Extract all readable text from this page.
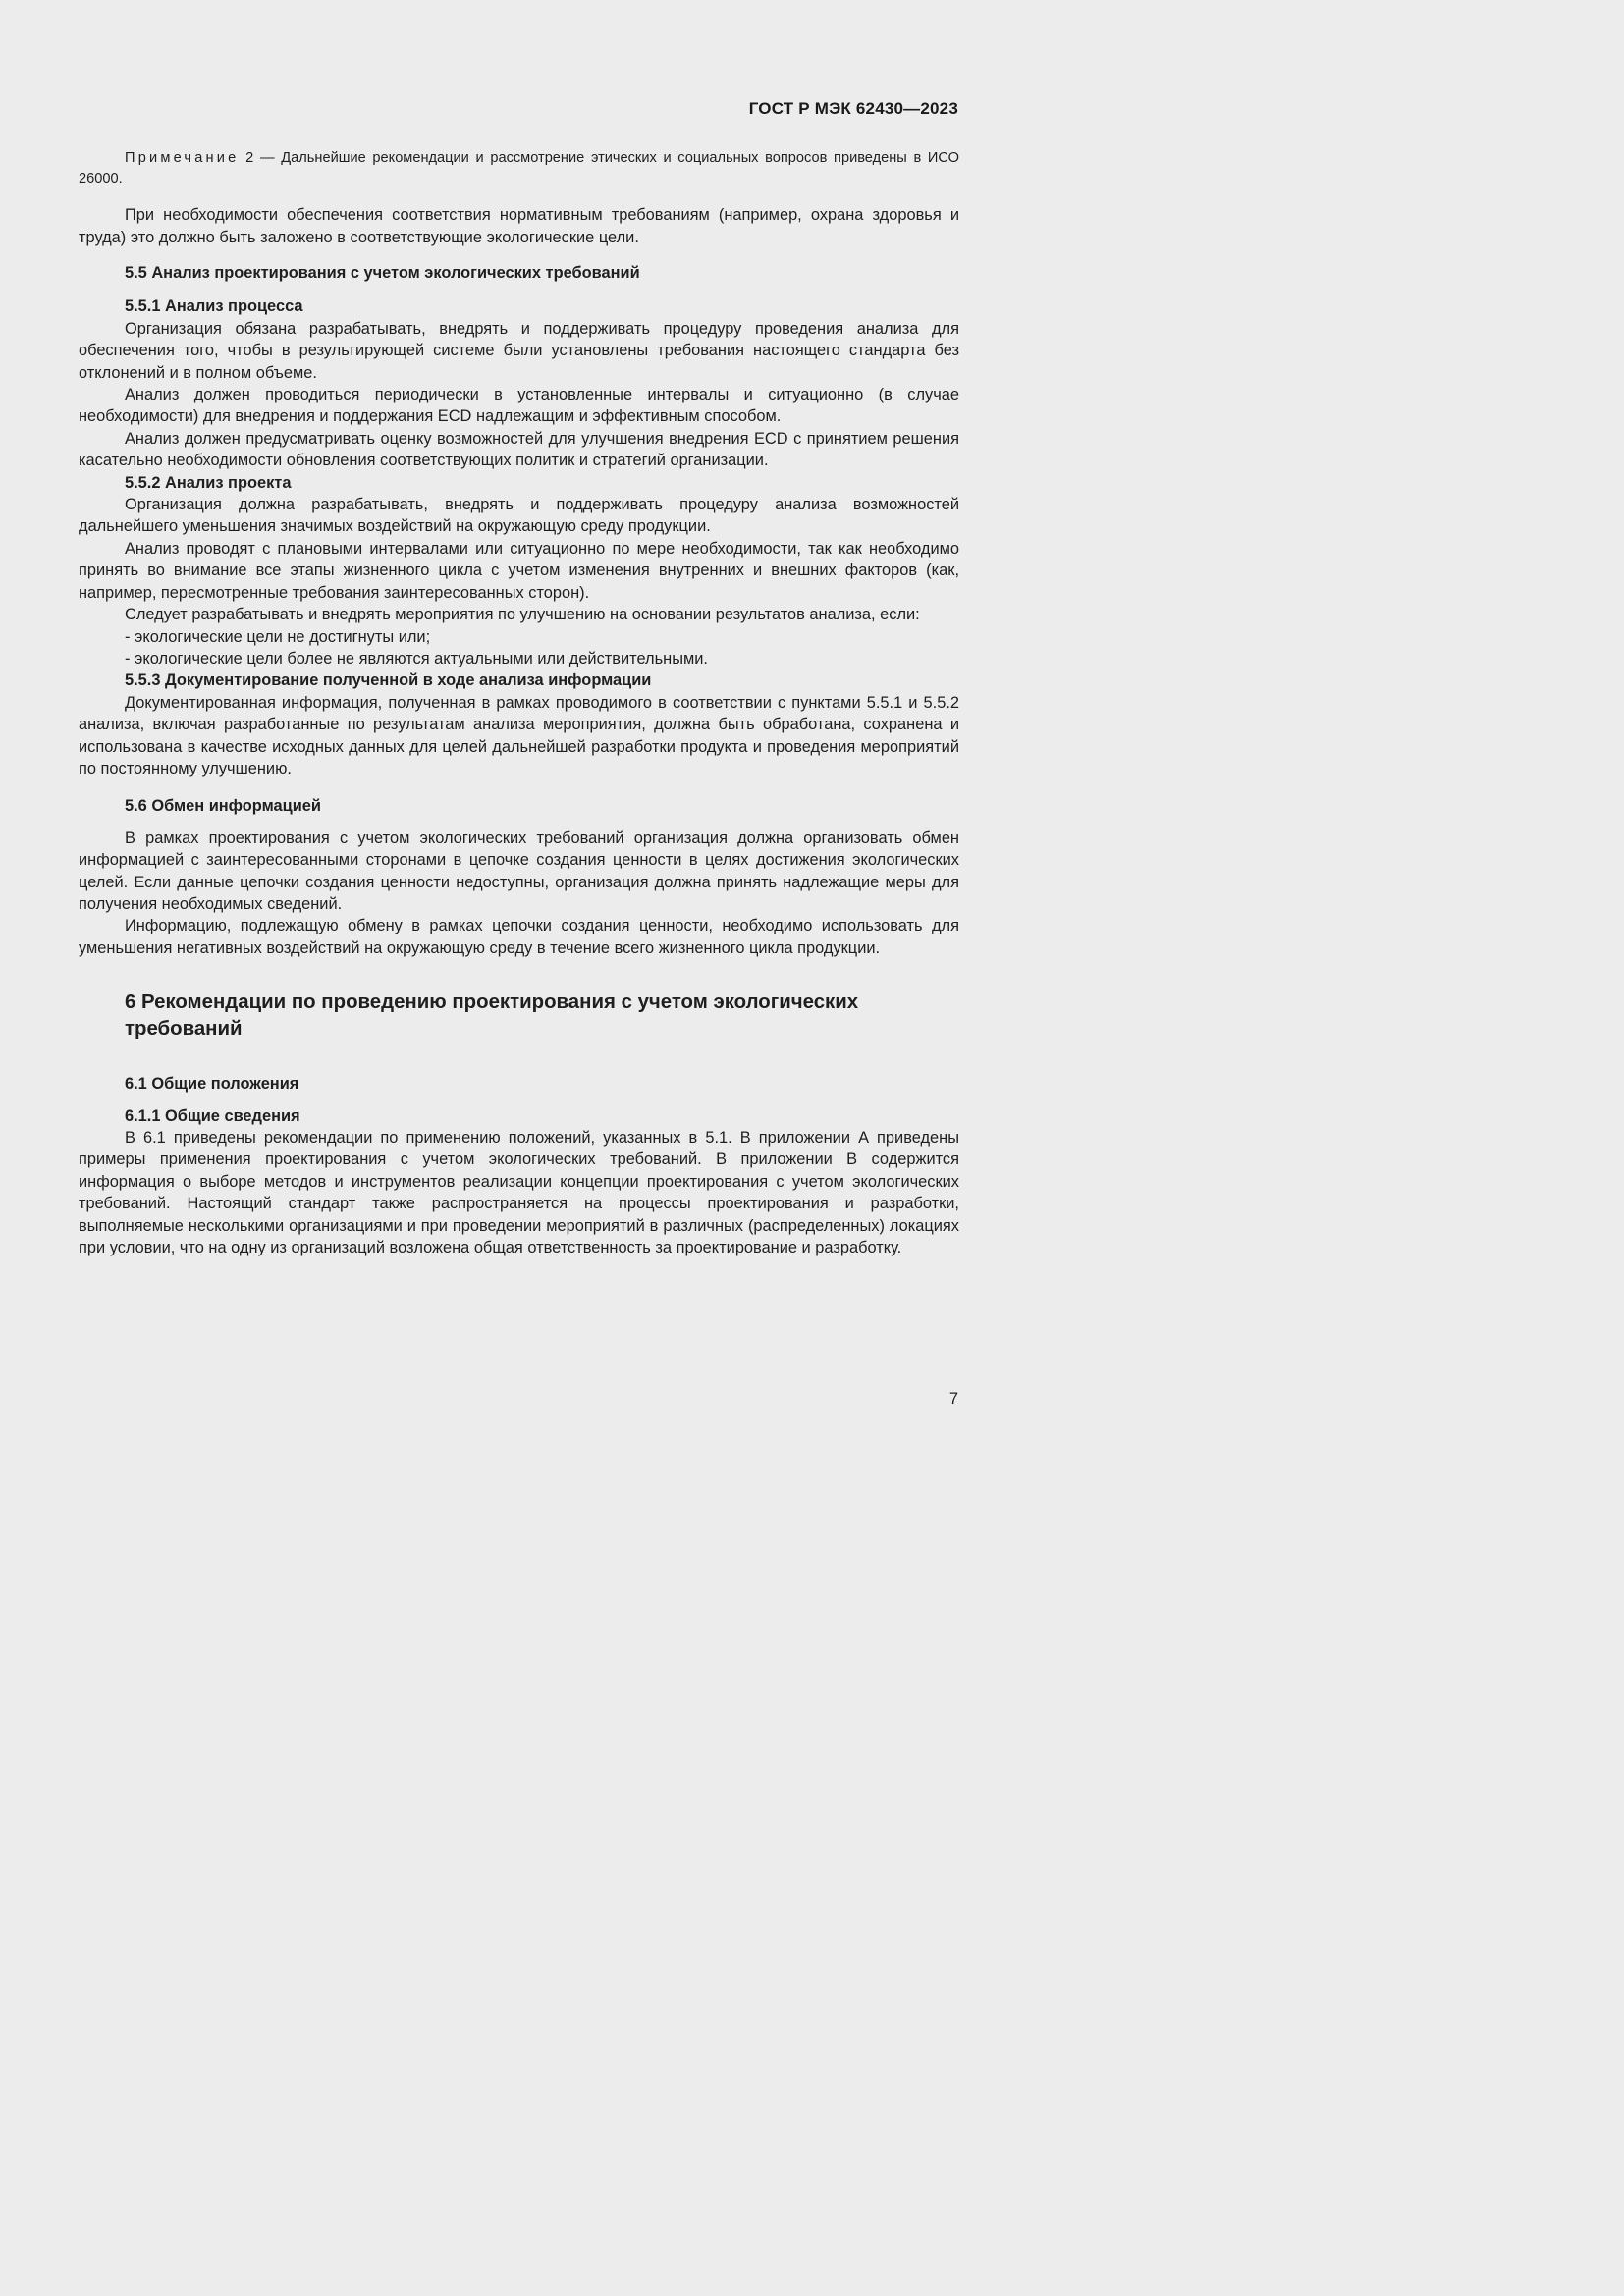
ГОСТ Р МЭК 62430—2023

Примечание 2 — Дальнейшие рекомендации и рассмотрение этических и социальных вопросов приведены в ИСО 26000.

При необходимости обеспечения соответствия нормативным требованиям (например, охрана здоровья и труда) это должно быть заложено в соответствующие экологические цели.

5.5 Анализ проектирования с учетом экологических требований
5.5.1 Анализ процесса

Организация обязана разрабатывать, внедрять и поддерживать процедуру проведения анализа для обеспечения того, чтобы в результирующей системе были установлены требования настоящего стандарта без отклонений и в полном объеме.

Анализ должен проводиться периодически в установленные интервалы и ситуационно (в случае необходимости) для внедрения и поддержания ECD надлежащим и эффективным способом.

Анализ должен предусматривать оценку возможностей для улучшения внедрения ECD с принятием решения касательно необходимости обновления соответствующих политик и стратегий организации.

5.5.2 Анализ проекта

Организация должна разрабатывать, внедрять и поддерживать процедуру анализа возможностей дальнейшего уменьшения значимых воздействий на окружающую среду продукции.

Анализ проводят с плановыми интервалами или ситуационно по мере необходимости, так как необходимо принять во внимание все этапы жизненного цикла с учетом изменения внутренних и внешних факторов (как, например, пересмотренные требования заинтересованных сторон).

Следует разрабатывать и внедрять мероприятия по улучшению на основании результатов анализа, если:

- экологические цели не достигнуты или;

- экологические цели более не являются актуальными или действительными.

5.5.3 Документирование полученной в ходе анализа информации

Документированная информация, полученная в рамках проводимого в соответствии с пунктами 5.5.1 и 5.5.2 анализа, включая разработанные по результатам анализа мероприятия, должна быть обработана, сохранена и использована в качестве исходных данных для целей дальнейшей разработки продукта и проведения мероприятий по постоянному улучшению.

5.6 Обмен информацией

В рамках проектирования с учетом экологических требований организация должна организовать обмен информацией с заинтересованными сторонами в цепочке создания ценности в целях достижения экологических целей. Если данные цепочки создания ценности недоступны, организация должна принять надлежащие меры для получения необходимых сведений.

Информацию, подлежащую обмену в рамках цепочки создания ценности, необходимо использовать для уменьшения негативных воздействий на окружающую среду в течение всего жизненного цикла продукции.

6 Рекомендации по проведению проектирования с учетом экологических требований
6.1 Общие положения
6.1.1 Общие сведения

В 6.1 приведены рекомендации по применению положений, указанных в 5.1. В приложении А приведены примеры применения проектирования с учетом экологических требований. В приложении В содержится информация о выборе методов и инструментов реализации концепции проектирования с учетом экологических требований. Настоящий стандарт также распространяется на процессы проектирования и разработки, выполняемые несколькими организациями и при проведении мероприятий в различных (распределенных) локациях при условии, что на одну из организаций возложена общая ответственность за проектирование и разработку.

7
